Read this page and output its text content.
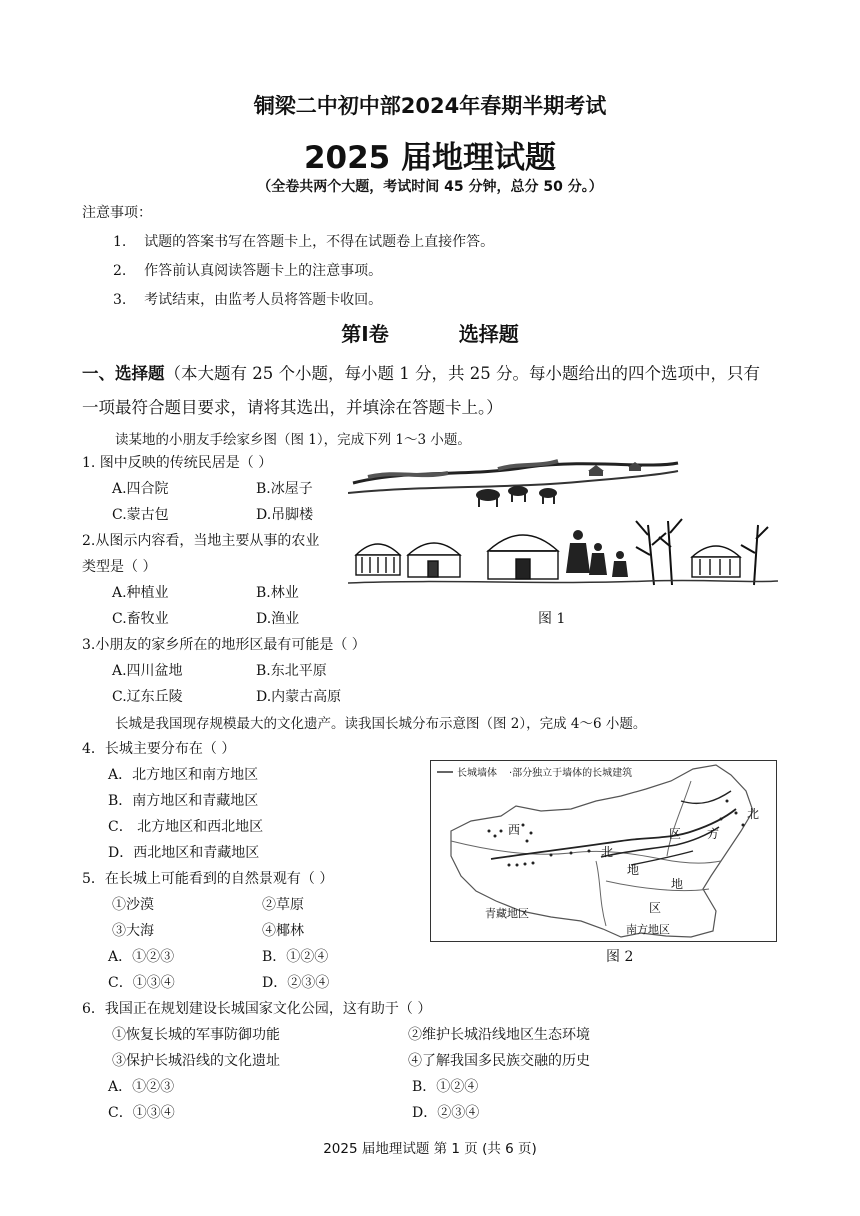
铜梁二中初中部2024年春期半期考试
2025 届地理试题
（全卷共两个大题，考试时间 45 分钟，总分 50 分。）
注意事项：
1. 试题的答案书写在答题卡上，不得在试题卷上直接作答。
2. 作答前认真阅读答题卡上的注意事项。
3. 考试结束，由监考人员将答题卡收回。
第Ⅰ卷	选择题
一、选择题（本大题有 25 个小题，每小题 1 分，共 25 分。每小题给出的四个选项中，只有
一项最符合题目要求，请将其选出，并填涂在答题卡上。）
读某地的小朋友手绘家乡图（图 1），完成下列 1～3 小题。
1. 图中反映的传统民居是（ ）
A.四合院	B.冰屋子
C.蒙古包	D.吊脚楼
2.从图示内容看，当地主要从事的农业
类型是（ ）
A.种植业	B.林业
C.畜牧业	D.渔业	图 1
3.小朋友的家乡所在的地形区最有可能是（ ）
A.四川盆地	B.东北平原
C.辽东丘陵	D.内蒙古高原
长城是我国现存规模最大的文化遗产。读我国长城分布示意图（图 2），完成 4～6 小题。
4．长城主要分布在（ ）
A．北方地区和南方地区
B．南方地区和青藏地区
C． 北方地区和西北地区
D．西北地区和青藏地区
5．在长城上可能看到的自然景观有（ ）
①沙漠	②草原
③大海	④椰林
A．①②③	B．①②④
C．①③④	D．②③④
长城墙体 ·部分独立于墙体的长城建筑
西
北
区 方
地
北
地
区
青藏地区
南方地区
图 2
6．我国正在规划建设长城国家文化公园，这有助于（ ）
①恢复长城的军事防御功能	②维护长城沿线地区生态环境
③保护长城沿线的文化遗址	④了解我国多民族交融的历史
A．①②③	B．①②④
C．①③④	D．②③④
2025 届地理试题 第 1 页 (共 6 页)
